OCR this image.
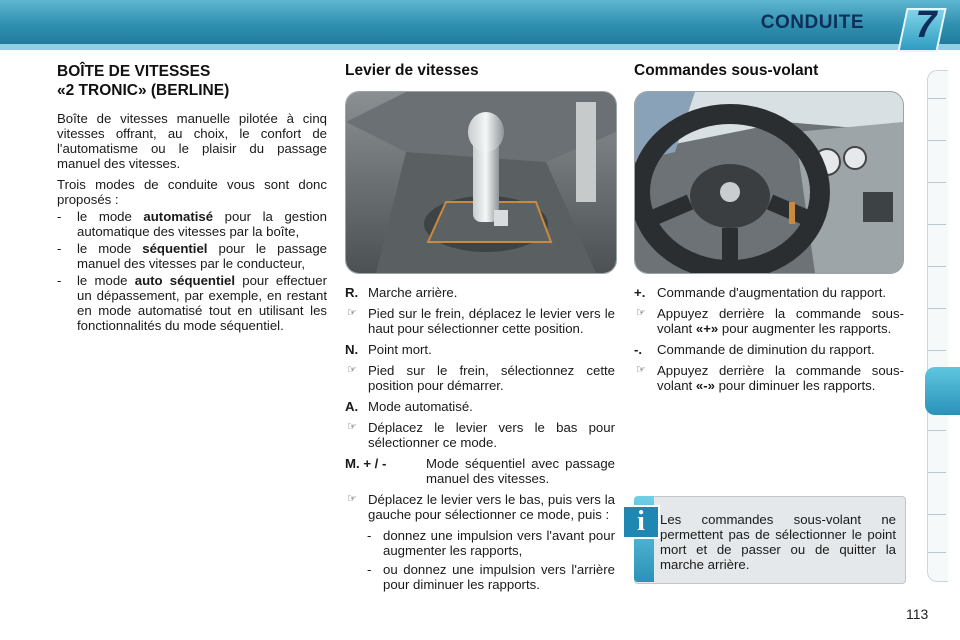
CONDUITE 7
BOÎTE DE VITESSES
«2 TRONIC» (BERLINE)

Boîte de vitesses manuelle pilotée à cinq vitesses offrant, au choix, le confort de l'automatisme ou le plaisir du passage manuel des vitesses.

Trois modes de conduite vous sont donc proposés :

- le mode automatisé pour la gestion automatique des vitesses par la boîte,
- le mode séquentiel pour le passage manuel des vitesses par le conducteur,
- le mode auto séquentiel pour effectuer un dépassement, par exemple, en restant en mode automatisé tout en utilisant les fonctionnalités du mode séquentiel.
Levier de vitesses
R. Marche arrière.
☞ Pied sur le frein, déplacez le levier vers le haut pour sélectionner cette position.
N. Point mort.
☞ Pied sur le frein, sélectionnez cette position pour démarrer.
A. Mode automatisé.
☞ Déplacez le levier vers le bas pour sélectionner ce mode.
M. + / -	Mode séquentiel avec passage manuel des vitesses.
☞ Déplacez le levier vers le bas, puis vers la gauche pour sélectionner ce mode, puis :
- donnez une impulsion vers l'avant pour augmenter les rapports,
- ou donnez une impulsion vers l'arrière pour diminuer les rapports.
Commandes sous-volant
+. Commande d'augmentation du rapport.
☞ Appuyez derrière la commande sous-volant «+» pour augmenter les rapports.
-. Commande de diminution du rapport.
☞ Appuyez derrière la commande sous-volant «-» pour diminuer les rapports.
i	Les commandes sous-volant ne permettent pas de sélectionner le point mort et de passer ou de quitter la marche arrière.
113
